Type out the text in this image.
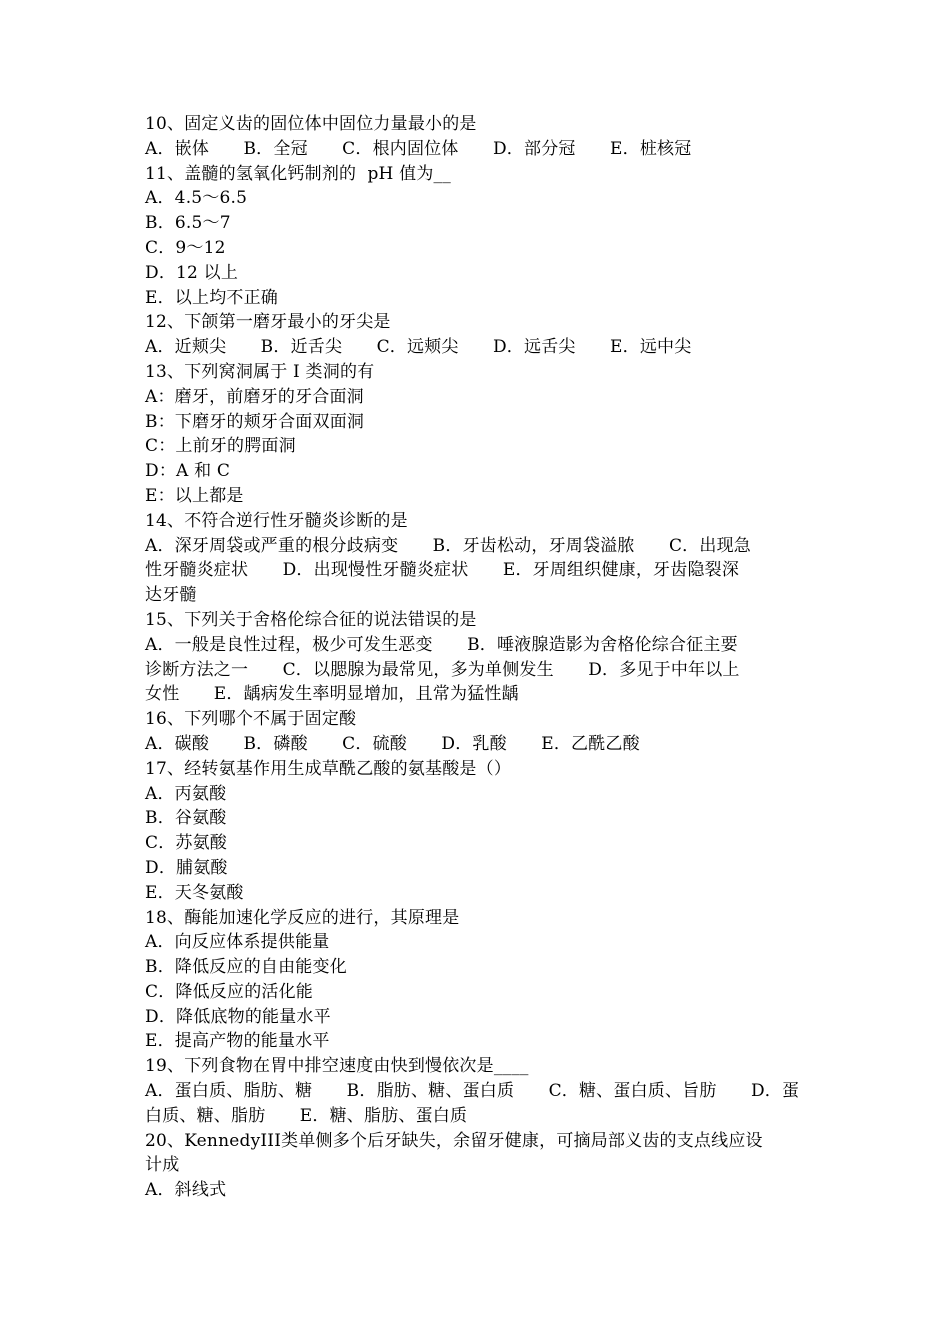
10、固定义齿的固位体中固位力量最小的是
A．嵌体　　B．全冠　　C．根内固位体　　D．部分冠　　E．桩核冠
11、盖髓的氢氧化钙制剂的  pH 值为__
A．4.5～6.5
B．6.5～7
C．9～12
D．12 以上
E．以上均不正确
12、下颌第一磨牙最小的牙尖是
A．近颊尖　　B．近舌尖　　C．远颊尖　　D．远舌尖　　E．远中尖
13、下列窝洞属于 I 类洞的有
A：磨牙，前磨牙的牙合面洞
B：下磨牙的颊牙合面双面洞
C：上前牙的腭面洞
D：A 和 C
E：以上都是
14、不符合逆行性牙髓炎诊断的是
A．深牙周袋或严重的根分歧病变　　B．牙齿松动，牙周袋溢脓　　C．出现急
性牙髓炎症状　　D．出现慢性牙髓炎症状　　E．牙周组织健康，牙齿隐裂深
达牙髓
15、下列关于舍格伦综合征的说法错误的是
A．一般是良性过程，极少可发生恶变　　B．唾液腺造影为舍格伦综合征主要
诊断方法之一　　C．以腮腺为最常见，多为单侧发生　　D．多见于中年以上
女性　　E．龋病发生率明显增加，且常为猛性龋
16、下列哪个不属于固定酸
A．碳酸　　B．磷酸　　C．硫酸　　D．乳酸　　E．乙酰乙酸
17、经转氨基作用生成草酰乙酸的氨基酸是（）
A．丙氨酸
B．谷氨酸
C．苏氨酸
D．脯氨酸
E．天冬氨酸
18、酶能加速化学反应的进行，其原理是
A．向反应体系提供能量
B．降低反应的自由能变化
C．降低反应的活化能
D．降低底物的能量水平
E．提高产物的能量水平
19、下列食物在胃中排空速度由快到慢依次是____
A．蛋白质、脂肪、糖　　B．脂肪、糖、蛋白质　　C．糖、蛋白质、旨肪　　D．蛋
白质、糖、脂肪　　E．糖、脂肪、蛋白质
20、KennedyIII类单侧多个后牙缺失，余留牙健康，可摘局部义齿的支点线应设
计成
A．斜线式
